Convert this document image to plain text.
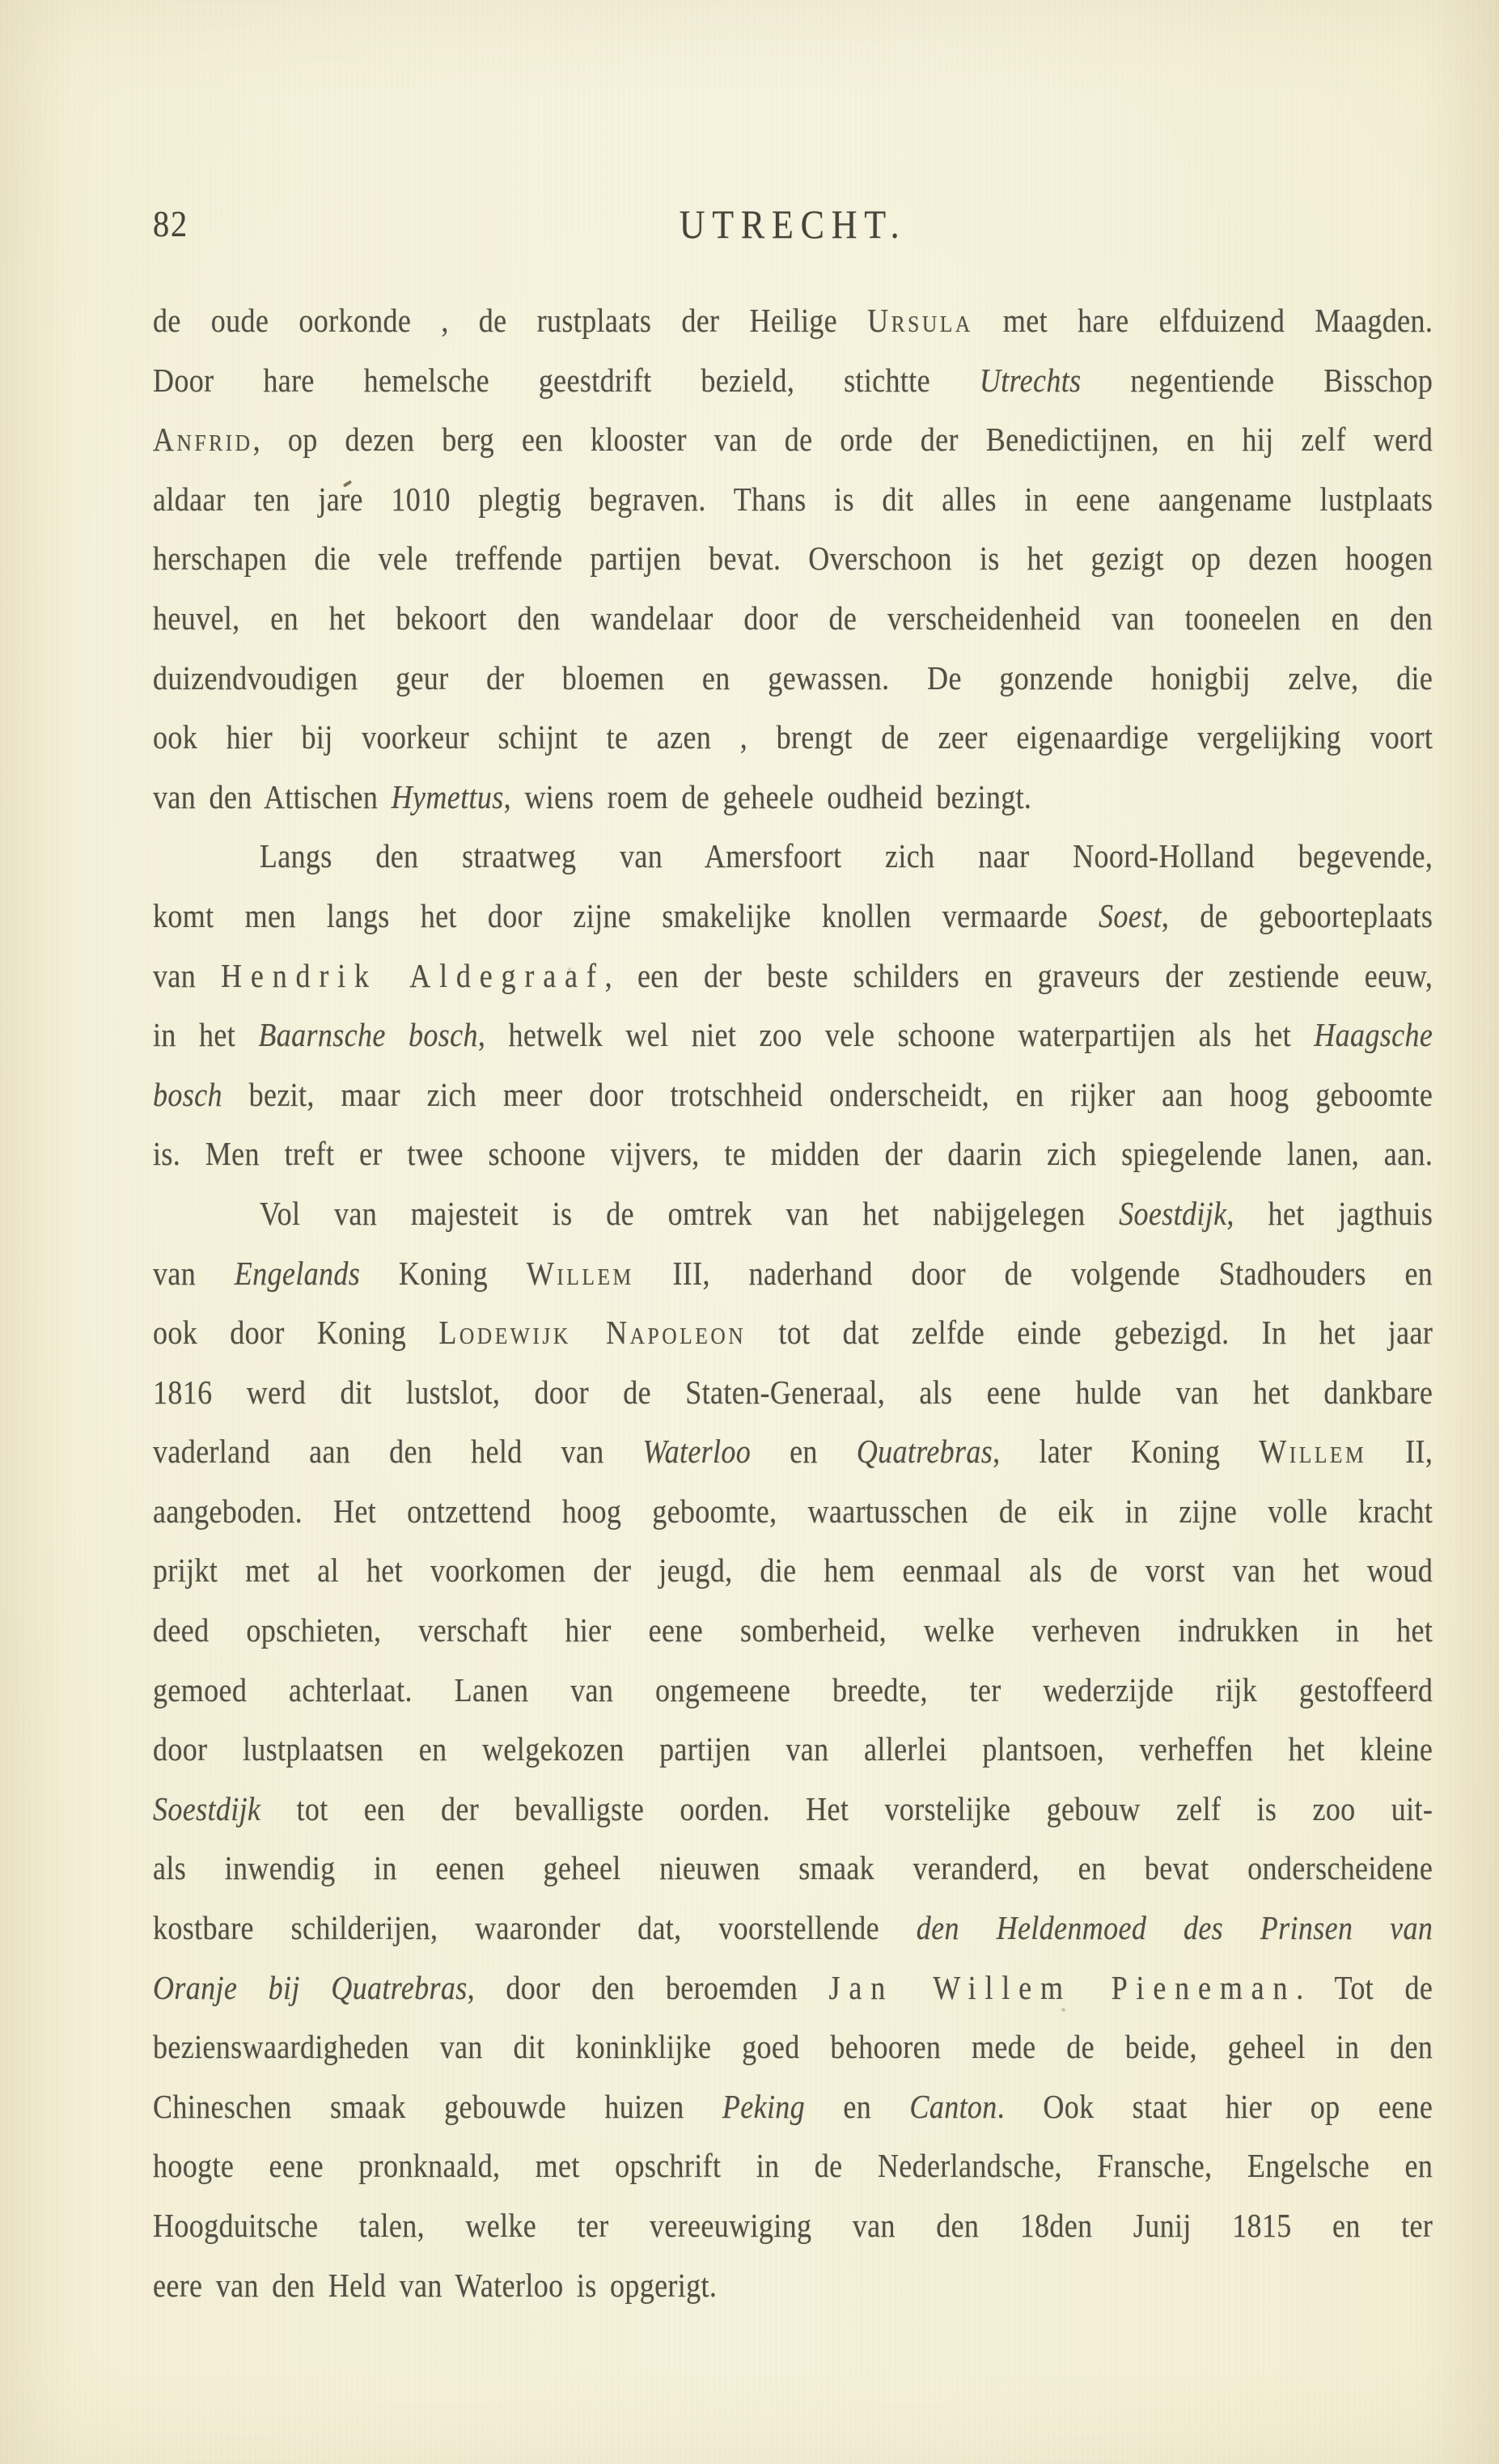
82	UTRECHT.
de oude oorkonde , de rustplaats der Heilige Ursula met hare elfduizend Maagden.
Door hare hemelsche geestdrift bezield, stichtte Utrechts negentiende Bisschop
Anfrid, op dezen berg een klooster van de orde der Benedictijnen, en hij zelf werd
aldaar ten jare 1010 plegtig begraven. Thans is dit alles in eene aangename lustplaats
herschapen die vele treffende partijen bevat. Overschoon is het gezigt op dezen hoogen
heuvel, en het bekoort den wandelaar door de verscheidenheid van tooneelen en den
duizendvoudigen geur der bloemen en gewassen. De gonzende honigbij zelve, die
ook hier bij voorkeur schijnt te azen , brengt de zeer eigenaardige vergelijking voort
van den Attischen Hymettus, wiens roem de geheele oudheid bezingt.
Langs den straatweg van Amersfoort zich naar Noord-Holland begevende,
komt men langs het door zijne smakelijke knollen vermaarde Soest, de geboorteplaats
van Hendrik Aldegraaf, een der beste schilders en graveurs der zestiende eeuw,
in het Baarnsche bosch, hetwelk wel niet zoo vele schoone waterpartijen als het Haagsche
bosch bezit, maar zich meer door trotschheid onderscheidt, en rijker aan hoog geboomte
is. Men treft er twee schoone vijvers, te midden der daarin zich spiegelende lanen, aan.
Vol van majesteit is de omtrek van het nabijgelegen Soestdijk, het jagthuis
van Engelands Koning Willem III, naderhand door de volgende Stadhouders en
ook door Koning Lodewijk Napoleon tot dat zelfde einde gebezigd. In het jaar
1816 werd dit lustslot, door de Staten-Generaal, als eene hulde van het dankbare
vaderland aan den held van Waterloo en Quatrebras, later Koning Willem II,
aangeboden. Het ontzettend hoog geboomte, waartusschen de eik in zijne volle kracht
prijkt met al het voorkomen der jeugd, die hem eenmaal als de vorst van het woud
deed opschieten, verschaft hier eene somberheid, welke verheven indrukken in het
gemoed achterlaat. Lanen van ongemeene breedte, ter wederzijde rijk gestoffeerd
door lustplaatsen en welgekozen partijen van allerlei plantsoen, verheffen het kleine
Soestdijk tot een der bevalligste oorden. Het vorstelijke gebouw zelf is zoo uit-
als inwendig in eenen geheel nieuwen smaak veranderd, en bevat onderscheidene
kostbare schilderijen, waaronder dat, voorstellende den Heldenmoed des Prinsen van
Oranje bij Quatrebras, door den beroemden Jan Willem Pieneman. Tot de
bezienswaardigheden van dit koninklijke goed behooren mede de beide, geheel in den
Chineschen smaak gebouwde huizen Peking en Canton. Ook staat hier op eene
hoogte eene pronknaald, met opschrift in de Nederlandsche, Fransche, Engelsche en
Hoogduitsche talen, welke ter vereeuwiging van den 18den Junij 1815 en ter
eere van den Held van Waterloo is opgerigt.
